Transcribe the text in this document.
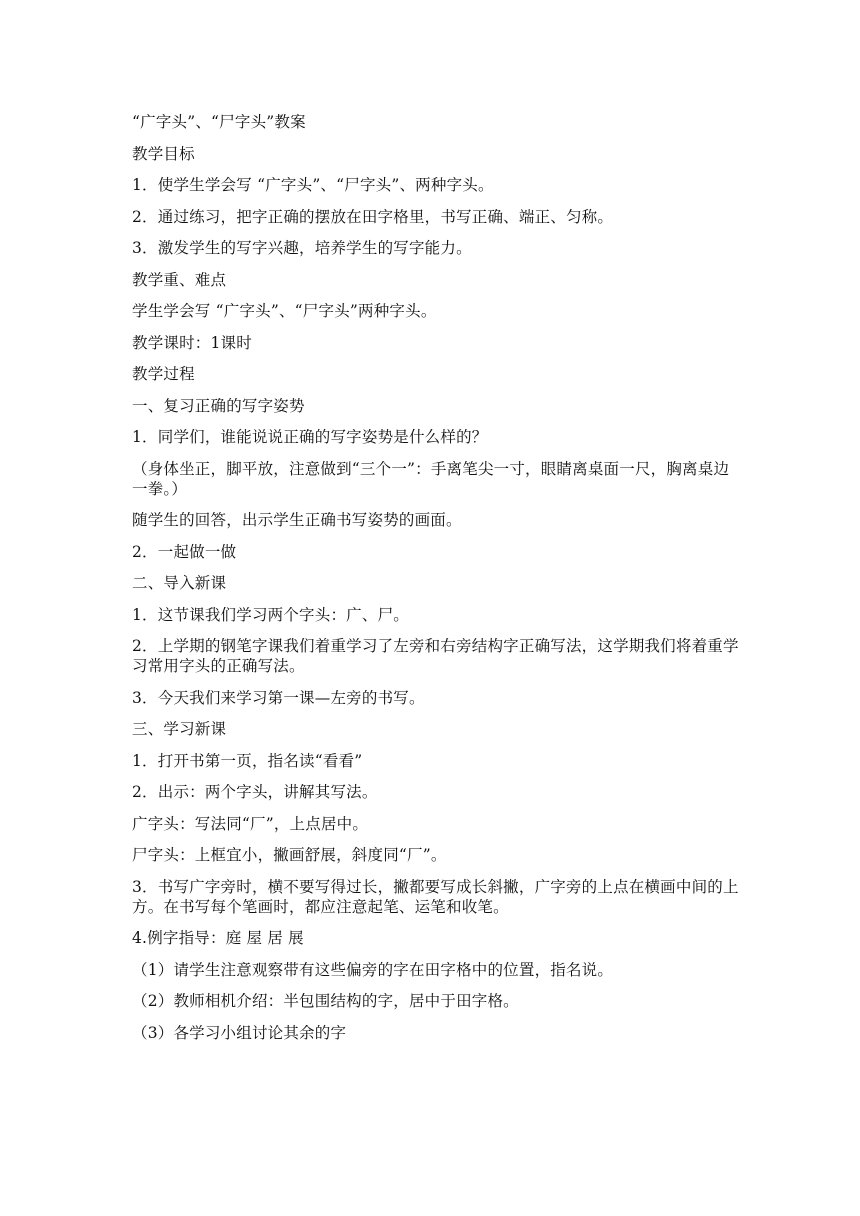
“广字头”、“尸字头”教案

教学目标

1．使学生学会写 “广字头”、“尸字头”、两种字头。

2．通过练习，把字正确的摆放在田字格里，书写正确、端正、匀称。

3．激发学生的写字兴趣，培养学生的写字能力。

教学重、难点

学生学会写 “广字头”、“尸字头”两种字头。

教学课时：1课时

教学过程

一、复习正确的写字姿势

1．同学们，谁能说说正确的写字姿势是什么样的？

（身体坐正，脚平放，注意做到“三个一”：手离笔尖一寸，眼睛离桌面一尺，胸离桌边一拳。）

随学生的回答，出示学生正确书写姿势的画面。

2．一起做一做

二、导入新课

1．这节课我们学习两个字头：广、尸。

2．上学期的钢笔字课我们着重学习了左旁和右旁结构字正确写法，这学期我们将着重学习常用字头的正确写法。

3．今天我们来学习第一课—左旁的书写。

三、学习新课

1．打开书第一页，指名读“看看”

2．出示：两个字头，讲解其写法。

广字头：写法同“厂”，上点居中。

尸字头：上框宜小，撇画舒展，斜度同“厂”。

3．书写广字旁时，横不要写得过长，撇都要写成长斜撇，广字旁的上点在横画中间的上方。在书写每个笔画时，都应注意起笔、运笔和收笔。

4.例字指导：庭 屋 居 展

（1）请学生注意观察带有这些偏旁的字在田字格中的位置，指名说。

（2）教师相机介绍：半包围结构的字，居中于田字格。

（3）各学习小组讨论其余的字
